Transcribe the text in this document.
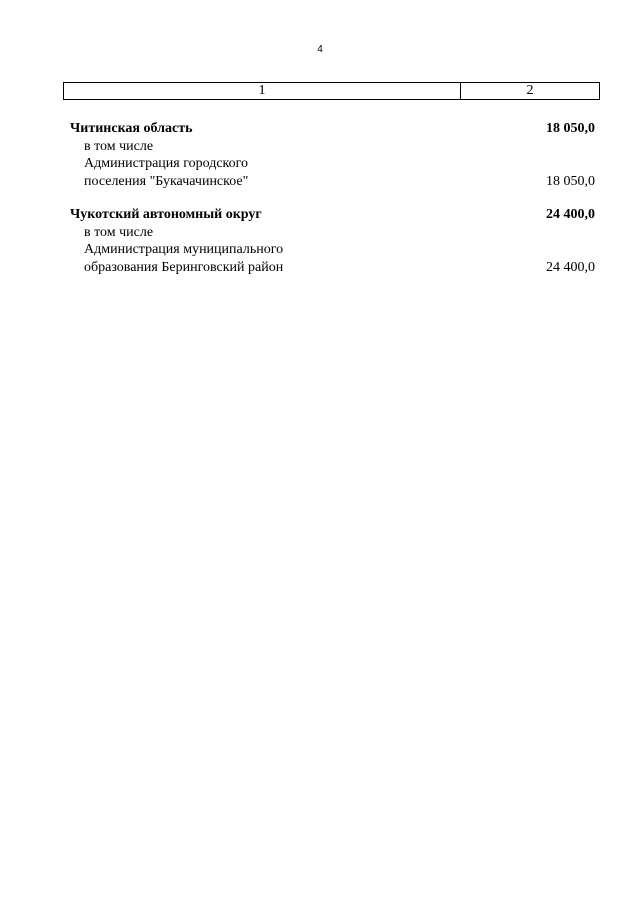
4
1	2
Читинская область	18 050,0
в том числе
Администрация городского
поселения "Букачачинское"	18 050,0
Чукотский автономный округ	24 400,0
в том числе
Администрация муниципального
образования Беринговский район	24 400,0
